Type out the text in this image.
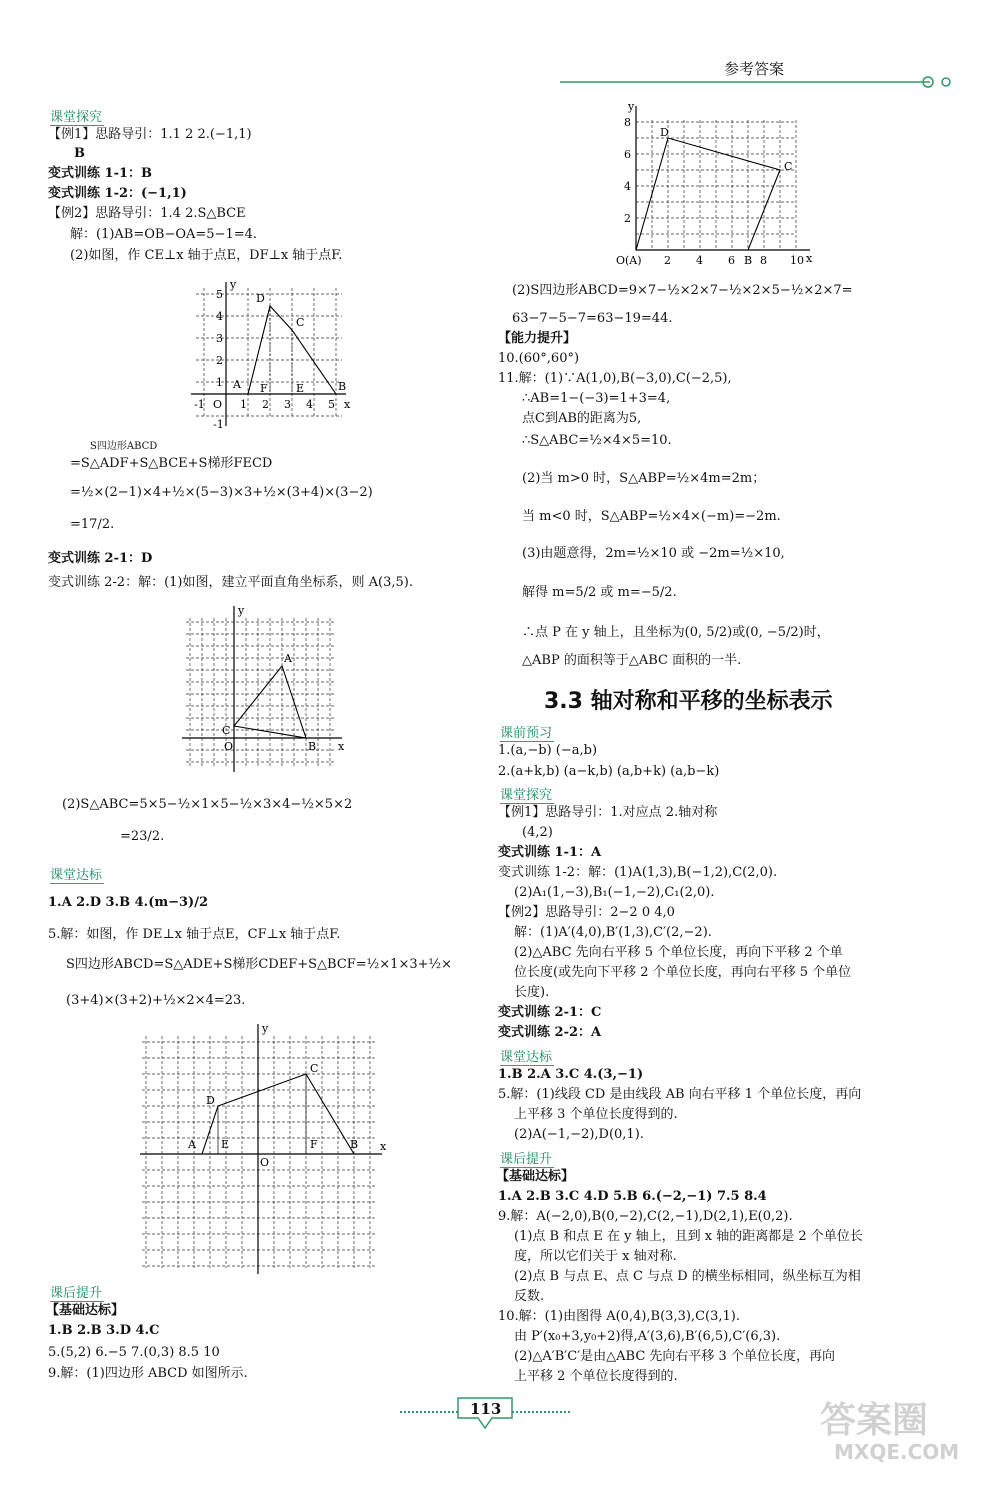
参考答案
课堂探究
【例1】思路导引：1.1 2 2.(−1,1)
B
变式训练 1-1：B
变式训练 1-2：(−1,1)
【例2】思路导引：1.4 2.S△BCE
解：(1)AB=OB−OA=5−1=4.
(2)如图，作 CE⊥x 轴于点E，DF⊥x 轴于点F.
A	B
C
D
E
F
O	x
y
-1	1 2 3 4 5
-1
1
2
3
4
5
S四边形ABCD
=S△ADF+S△BCE+S梯形FECD
=½×(2−1)×4+½×(5−3)×3+½×(3+4)×(3−2)
=17/2.
变式训练 2-1：D
变式训练 2-2：解：(1)如图，建立平面直角坐标系，则 A(3,5).
A
B
C
O	x
y
(2)S△ABC=5×5−½×1×5−½×3×4−½×5×2
=23/2.
课堂达标
1.A 2.D 3.B 4.(m−3)/2
5.解：如图，作 DE⊥x 轴于点E，CF⊥x 轴于点F.
S四边形ABCD=S△ADE+S梯形CDEF+S△BCF=½×1×3+½×
(3+4)×(3+2)+½×2×4=23.
A	B
C
D
E	F
O
x
y
课后提升
【基础达标】
1.B 2.B 3.D 4.C
5.(5,2) 6.−5 7.(0,3) 8.5 10
9.解：(1)四边形 ABCD 如图所示.
C
D
O(A)	B	x
y
2 4 6 8 10
2
4
6
8
(2)S四边形ABCD=9×7−½×2×7−½×2×5−½×2×7=
63−7−5−7=63−19=44.
【能力提升】
10.(60°,60°)
11.解：(1)∵A(1,0),B(−3,0),C(−2,5),
∴AB=1−(−3)=1+3=4,
点C到AB的距离为5,
∴S△ABC=½×4×5=10.
(2)当 m>0 时，S△ABP=½×4m=2m；
当 m<0 时，S△ABP=½×4×(−m)=−2m.
(3)由题意得，2m=½×10 或 −2m=½×10,
解得 m=5/2 或 m=−5/2.
∴点 P 在 y 轴上，且坐标为(0, 5/2)或(0, −5/2)时，
△ABP 的面积等于△ABC 面积的一半.
3.3 轴对称和平移的坐标表示
课前预习
1.(a,−b) (−a,b)
2.(a+k,b) (a−k,b) (a,b+k) (a,b−k)
课堂探究
【例1】思路导引：1.对应点 2.轴对称
(4,2)
变式训练 1-1：A
变式训练 1-2：解：(1)A(1,3),B(−1,2),C(2,0).
(2)A₁(1,−3),B₁(−1,−2),C₁(2,0).
【例2】思路导引：2−2 0 4,0
解：(1)A′(4,0),B′(1,3),C′(2,−2).
(2)△ABC 先向右平移 5 个单位长度，再向下平移 2 个单
位长度(或先向下平移 2 个单位长度，再向右平移 5 个单位
长度).
变式训练 2-1：C
变式训练 2-2：A
课堂达标
1.B 2.A 3.C 4.(3,−1)
5.解：(1)线段 CD 是由线段 AB 向右平移 1 个单位长度，再向
上平移 3 个单位长度得到的.
(2)A(−1,−2),D(0,1).
课后提升
【基础达标】
1.A 2.B 3.C 4.D 5.B 6.(−2,−1) 7.5 8.4
9.解：A(−2,0),B(0,−2),C(2,−1),D(2,1),E(0,2).
(1)点 B 和点 E 在 y 轴上，且到 x 轴的距离都是 2 个单位长
度，所以它们关于 x 轴对称.
(2)点 B 与点 E、点 C 与点 D 的横坐标相同，纵坐标互为相
反数.
10.解：(1)由图得 A(0,4),B(3,3),C(3,1).
由 P′(x₀+3,y₀+2)得,A′(3,6),B′(6,5),C′(6,3).
(2)△A′B′C′是由△ABC 先向右平移 3 个单位长度，再向
上平移 2 个单位长度得到的.
113	答案圈
MXQE.COM
